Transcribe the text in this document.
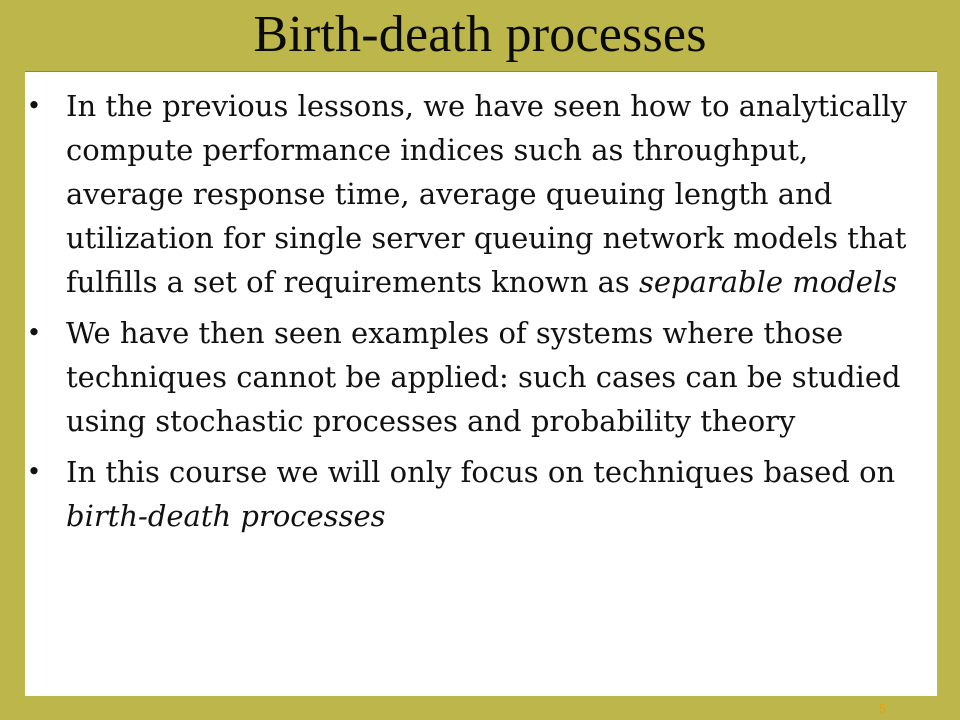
Birth-death processes
• In the previous lessons, we have seen how to analytically compute performance indices such as throughput, average response time, average queuing length and utilization for single server queuing network models that fulfills a set of requirements known as separable models
• We have then seen examples of systems where those techniques cannot be applied: such cases can be studied using stochastic processes and probability theory
• In this course we will only focus on techniques based on birth-death processes
5
